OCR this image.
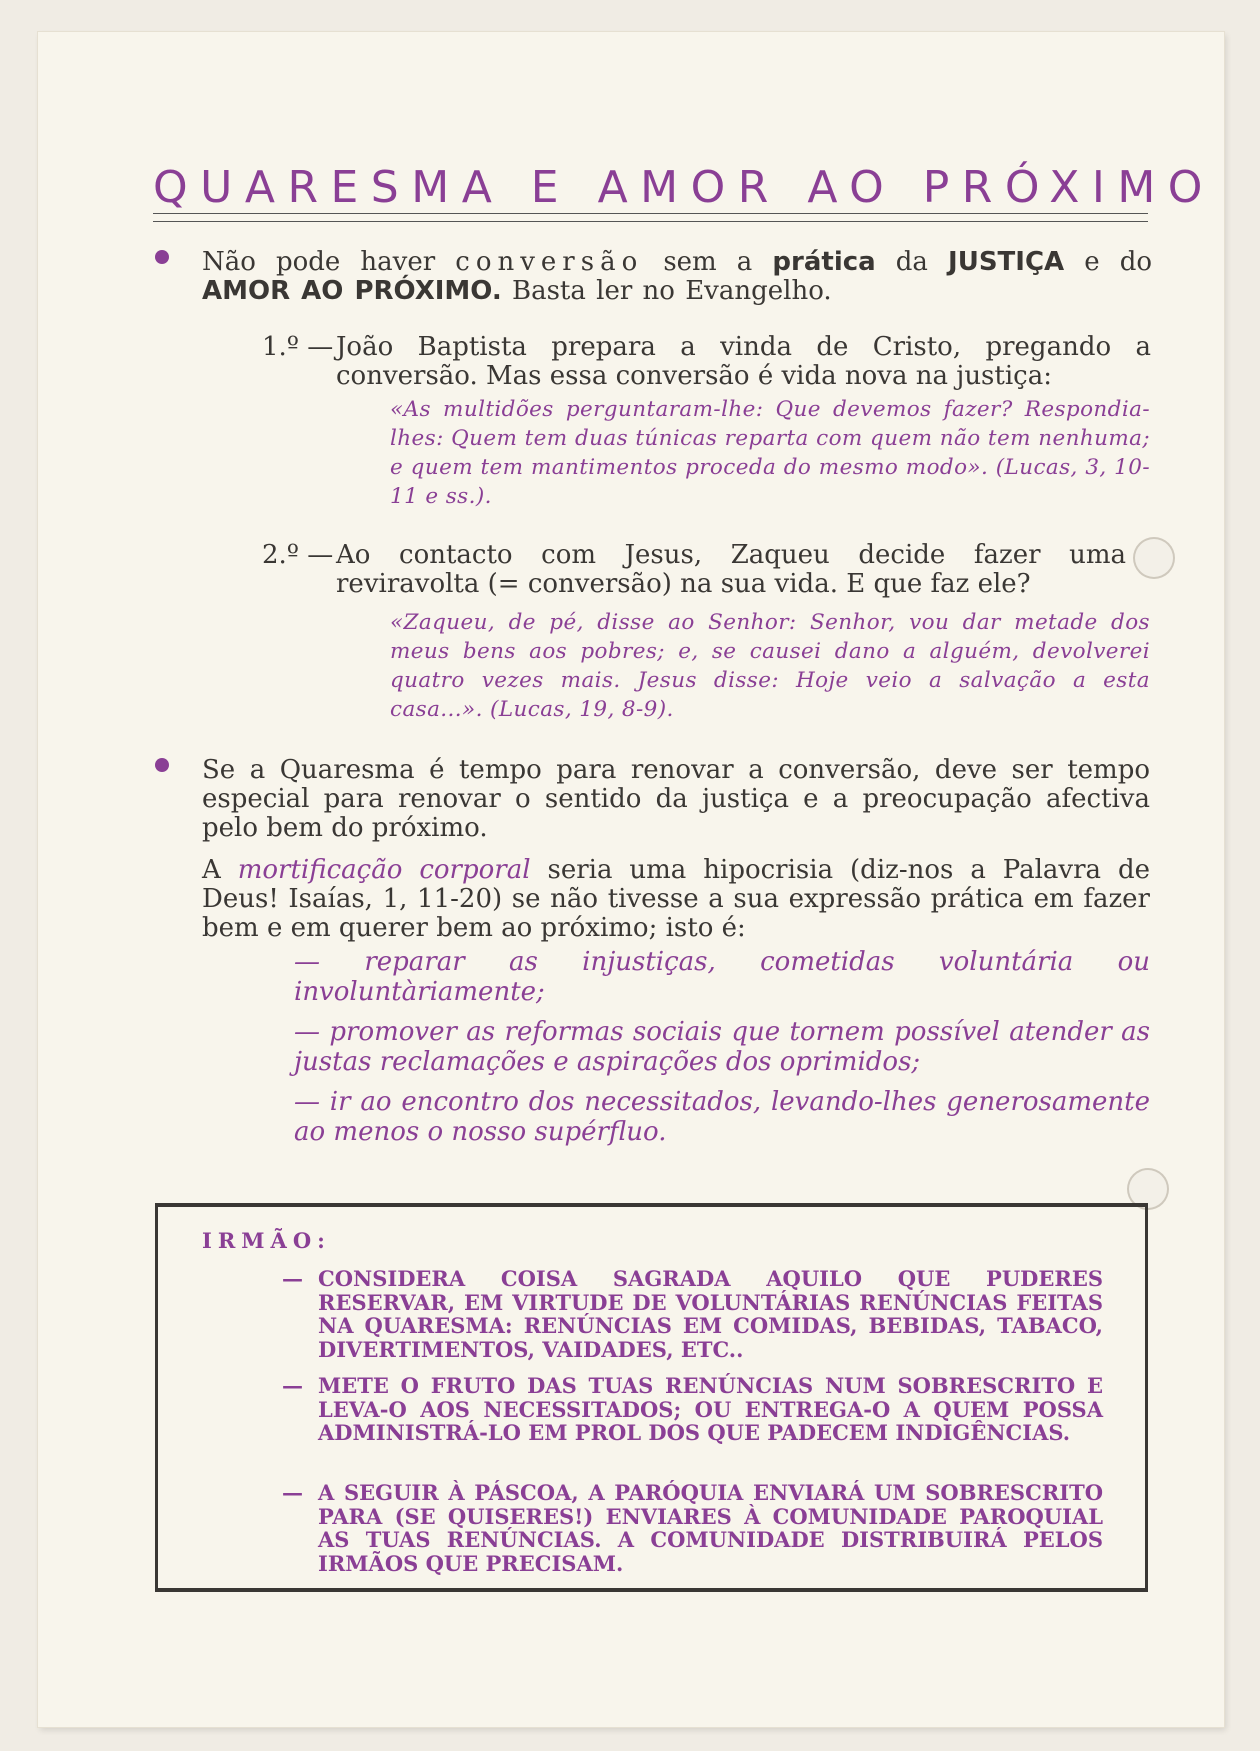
QUARESMA E AMOR AO PRÓXIMO

Não pode haver conversão sem a prática da JUSTIÇA e do AMOR AO PRÓXIMO. Basta ler no Evangelho.

1.º — João Baptista prepara a vinda de Cristo, pregando a conversão. Mas essa conversão é vida nova na justiça:

«As multidões perguntaram-lhe: Que devemos fazer? Respondia-lhes: Quem tem duas túnicas reparta com quem não tem nenhuma; e quem tem mantimentos proceda do mesmo modo». (Lucas, 3, 10-11 e ss.).

2.º — Ao contacto com Jesus, Zaqueu decide fazer uma reviravolta (= conversão) na sua vida. E que faz ele?

«Zaqueu, de pé, disse ao Senhor: Senhor, vou dar metade dos meus bens aos pobres; e, se causei dano a alguém, devolverei quatro vezes mais. Jesus disse: Hoje veio a salvação a esta casa...». (Lucas, 19, 8-9).

Se a Quaresma é tempo para renovar a conversão, deve ser tempo especial para renovar o sentido da justiça e a preocupação afectiva pelo bem do próximo.

A mortificação corporal seria uma hipocrisia (diz-nos a Palavra de Deus! Isaías, 1, 11-20) se não tivesse a sua expressão prática em fazer bem e em querer bem ao próximo; isto é:

— reparar as injustiças, cometidas voluntária ou involuntàriamente;

— promover as reformas sociais que tornem possível atender as justas reclamações e aspirações dos oprimidos;

— ir ao encontro dos necessitados, levando-lhes generosamente ao menos o nosso supérfluo.

IRMÃO:

— CONSIDERA COISA SAGRADA AQUILO QUE PUDERES RESERVAR, EM VIRTUDE DE VOLUNTÁRIAS RENÚNCIAS FEITAS NA QUARESMA: RENÚNCIAS EM COMIDAS, BEBIDAS, TABACO, DIVERTIMENTOS, VAIDADES, ETC..

— METE O FRUTO DAS TUAS RENÚNCIAS NUM SOBRESCRITO E LEVA-O AOS NECESSITADOS; OU ENTREGA-O A QUEM POSSA ADMINISTRÁ-LO EM PROL DOS QUE PADECEM INDIGÊNCIAS.

— A SEGUIR À PÁSCOA, A PARÓQUIA ENVIARÁ UM SOBRESCRITO PARA (SE QUISERES!) ENVIARES À COMUNIDADE PAROQUIAL AS TUAS RENÚNCIAS. A COMUNIDADE DISTRIBUIRÁ PELOS IRMÃOS QUE PRECISAM.
